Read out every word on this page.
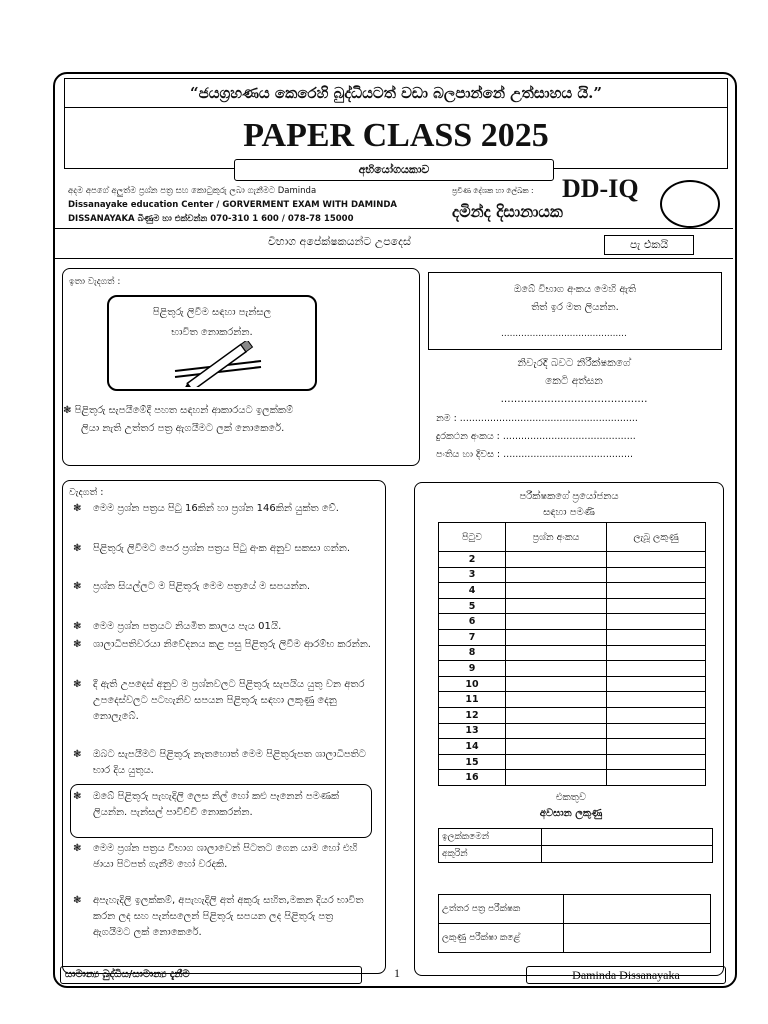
“ජයග්‍රහණය කෙරෙහි බුද්ධියටත් වඩා බලපාන්නේ උත්සාහය යි.”
PAPER CLASS 2025
අභියෝගයකාව
අදම අපගේ අලුත්ම ප්‍රශ්න පත්‍ර සහ කොටුකුරු ලබා ගැනීමට Daminda
Dissanayake education Center / GORVERMENT EXAM WITH DAMINDA
DISSANAYAKA බිණුම හා එක්වන්න 070-310 1 600 / 078-78 15000
ප්‍රවීණ දේශක හා ලේඛක : DD-IQ
දමින්ද දිසානායක
විභාග අපේක්ෂකයන්ට උපදෙස්	පැ එකයි
ඉතා වැදගත් :
පිළිතුරු ලිවීම සඳහා පැන්සල
භාවිත නොකරන්න.
❃ පිළිතුරු සැපයීමේදී පහත සඳහන් ආකාරයට ඉලක්කම්
ලියා නැති උත්තර පත්‍ර ඇගයීමට ලක් නොකෙරේ.
ඔබේ විභාග අංකය මෙහි ඇති
තිත් ඉර මත ලියන්න.
............................................
නිවැරදි බවට නිරීක්ෂකගේ
කෙටි අත්සන
............................................
නම : ...........................................................
දුරකථන අංකය : ............................................
පංතිය හා දිවස : ...........................................
වැදගත් :
❃ මෙම ප්‍රශ්න පත්‍රය පිටු 16කින් හා ප්‍රශ්න 146කින් යුක්ත වේ.
❃ පිළිතුරු ලිවීමට පෙර ප්‍රශ්න පත්‍රය පිටු අංක අනුව සකසා ගන්න.
❃ ප්‍රශ්න සියල්ලට ම පිළිතුරු මෙම පත්‍රයේ ම සපයන්න.
❃ මෙම ප්‍රශ්න පත්‍රයට නියමිත කාලය පැය 01යි.
❃ ශාලාධිපතිවරයා නිවේදනය කළ පසු පිළිතුරු ලිවීම ආරම්භ කරන්න.
❃ දී ඇති උපදෙස් අනුව ම ප්‍රශ්නවලට පිළිතුරු සැපයිය යුතු වන අතර උපදෙස්වලට පටහැනිව සපයන පිළිතුරු සඳහා ලකුණු දෙනු නොලැබේ.
❃ ඔබට සැපයීමට පිළිතුරු නැතහොත් මෙම පිළිතුරුපත ශාලාධිපතිට භාර දිය යුතුය.
❃ ඔබේ පිළිතුරු පැහැදිලි ලෙස නිල් හෝ කළු පෑනෙන් පමණක් ලියන්න. පැන්සල් පාවිච්චි නොකරන්න.
❃ මෙම ප්‍රශ්න පත්‍රය විභාග ශාලාවෙන් පිටතට ගෙන යාම හෝ එහි ඡායා පිටපත් ගැනීම හෝ වරදකි.
❃ අපැහැදිලි ඉලක්කම්, අපැහැදිලි අත් අකුරු සහිත,මකන දියර භාවිත කරන ලද සහ පැන්සලෙන් පිළිතුරු සපයන ලද පිළිතුරු පත්‍ර ඇගයීමට ලක් නොකෙරේ.
පරීක්ෂකගේ ප්‍රයෝජනය
සඳහා පමණි
පිටුව	ප්‍රශ්න අංකය	ලැබූ ලකුණු
2		
3		
4		
5		
6		
7		
8		
9		
10		
11		
12		
13		
14		
15		
16		
එකතුව
අවසාන ලකුණු
ඉලක්කමෙන්	
අකුරින්	
උත්තර පත්‍ර පරීක්ෂක	
ලකුණු පරීක්ෂා කළේ	
සාමාන්‍ය බුද්ධිය/සාමාන්‍ය දැනීම	1	Daminda Dissanayaka
